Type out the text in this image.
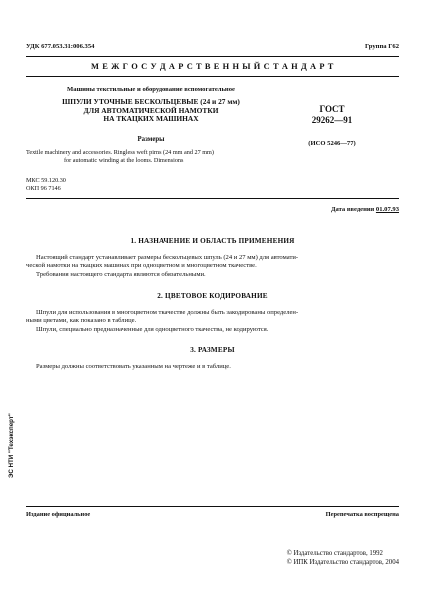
УДК 677.053.31:006.354	Группа Г62
М Е Ж Г О С У Д А Р С Т В Е Н Н Ы Й С Т А Н Д А Р Т
Машины текстильные и оборудование вспомогательное
ШПУЛИ УТОЧНЫЕ БЕСКОЛЬЦЕВЫЕ (24 и 27 мм)
ДЛЯ АВТОМАТИЧЕСКОЙ НАМОТКИ
НА ТКАЦКИХ МАШИНАХ
Размеры
Textile machinery and accessories. Ringless weft pirns (24 mm and 27 mm)
for automatic winding at the looms. Dimensions
ГОСТ
29262—91
(ИСО 5246—77)
МКС 59.120.30
ОКП 96 7146
Дата введения 01.07.93
1. НАЗНАЧЕНИЕ И ОБЛАСТЬ ПРИМЕНЕНИЯ
Настоящий стандарт устанавливает размеры бесколъцевых шпуль (24 и 27 мм) для автомати-
ческой намотки на ткацких машинах при одноцветном и многоцветном ткачестве.
Требования настоящего стандарта являются обязательными.
2. ЦВЕТОВОЕ КОДИРОВАНИЕ
Шпули для использования в многоцветном ткачестве должны быть закодированы определен-
ными цветами, как показано в таблице.
Шпули, специально предназначенные для одноцветного ткачества, не кодируются.
3. РАЗМЕРЫ
Размеры должны соответствовать указанным на чертеже и в таблице.
ЭС НТИ "Техэксперт"
Издание официальное	Перепечатка воспрещена
© Издательство стандартов, 1992
© ИПК Издательство стандартов, 2004
